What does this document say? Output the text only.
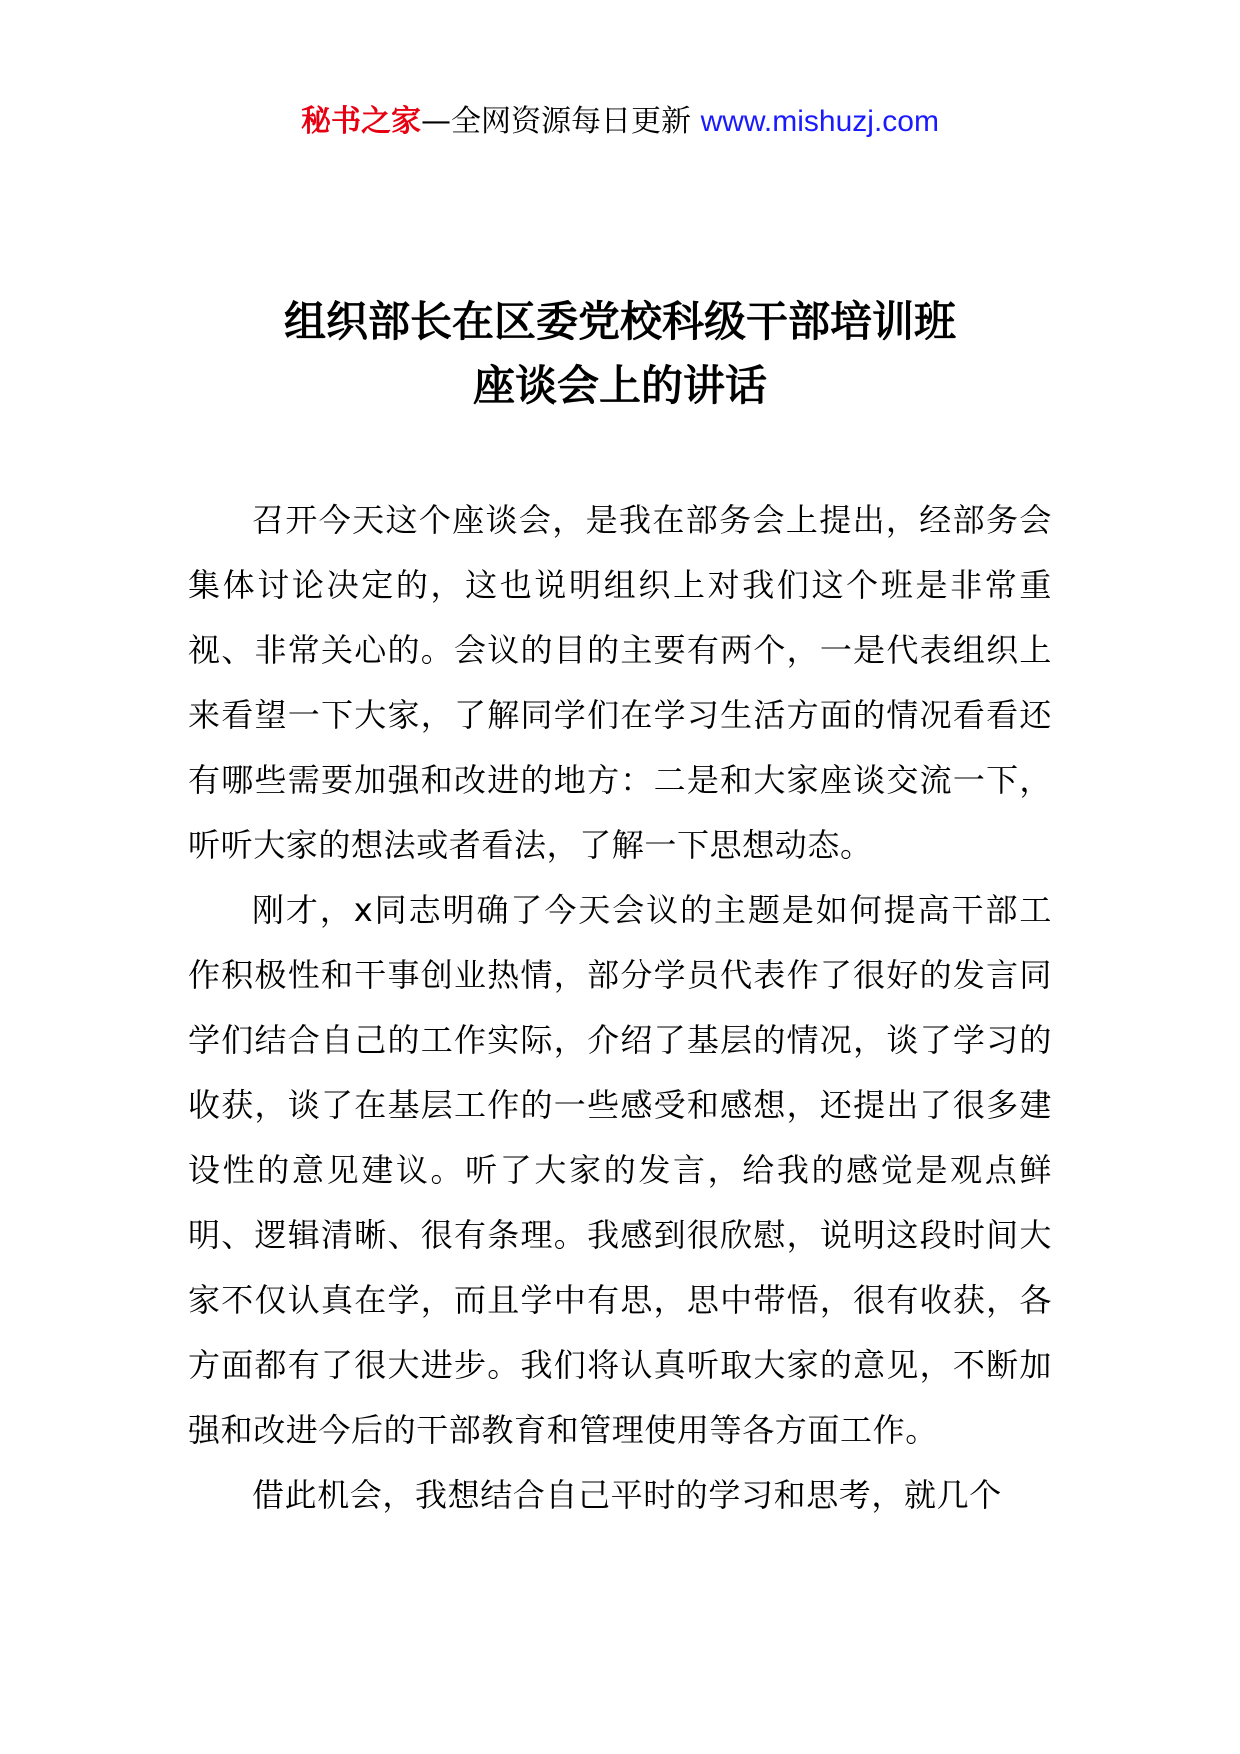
秘书之家—全网资源每日更新 www.mishuzj.com
组织部长在区委党校科级干部培训班
座谈会上的讲话

召开今天这个座谈会，是我在部务会上提出，经部务会集体讨论决定的，这也说明组织上对我们这个班是非常重视、非常关心的。会议的目的主要有两个，一是代表组织上来看望一下大家，了解同学们在学习生活方面的情况看看还有哪些需要加强和改进的地方：二是和大家座谈交流一下，听听大家的想法或者看法，了解一下思想动态。

刚才，x同志明确了今天会议的主题是如何提高干部工作积极性和干事创业热情，部分学员代表作了很好的发言同学们结合自己的工作实际，介绍了基层的情况，谈了学习的收获，谈了在基层工作的一些感受和感想，还提出了很多建设性的意见建议。听了大家的发言，给我的感觉是观点鲜明、逻辑清晰、很有条理。我感到很欣慰，说明这段时间大家不仅认真在学，而且学中有思，思中带悟，很有收获，各方面都有了很大进步。我们将认真听取大家的意见，不断加强和改进今后的干部教育和管理使用等各方面工作。

借此机会，我想结合自己平时的学习和思考，就几个
